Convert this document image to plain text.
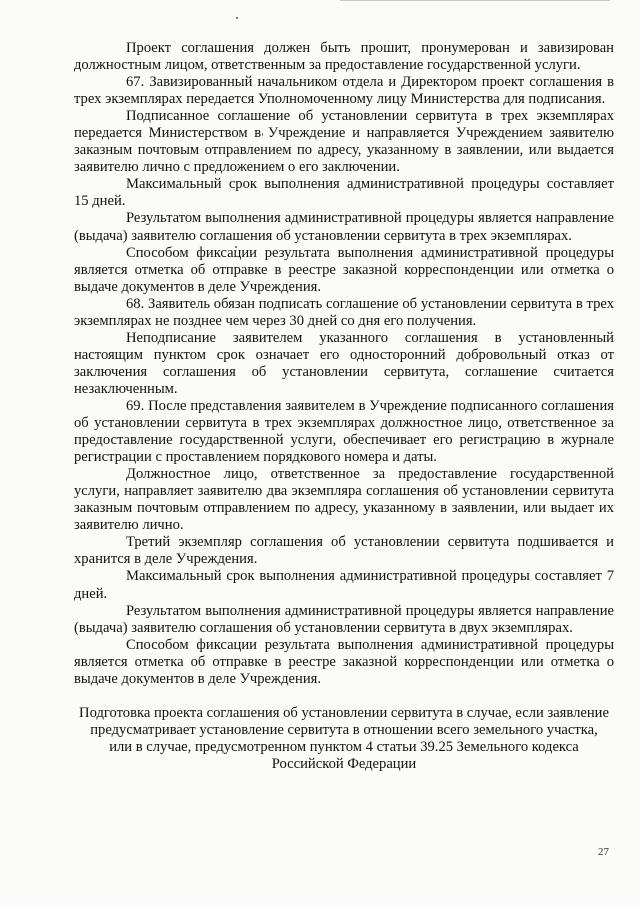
Проект соглашения должен быть прошит, пронумерован и завизирован должностным лицом, ответственным за предоставление государственной услуги.

67. Завизированный начальником отдела и Директором проект соглашения в трех экземплярах передается Уполномоченному лицу Министерства для подписания.

Подписанное соглашение об установлении сервитута в трех экземплярах передается Министерством в Учреждение и направляется Учреждением заявителю заказным почтовым отправлением по адресу, указанному в заявлении, или выдается заявителю лично с предложением о его заключении.

Максимальный срок выполнения административной процедуры составляет 15 дней.

Результатом выполнения административной процедуры является направление (выдача) заявителю соглашения об установлении сервитута в трех экземплярах.

Способом фиксации результата выполнения административной процедуры является отметка об отправке в реестре заказной корреспонденции или отметка о выдаче документов в деле Учреждения.

68. Заявитель обязан подписать соглашение об установлении сервитута в трех экземплярах не позднее чем через 30 дней со дня его получения.

Неподписание заявителем указанного соглашения в установленный настоящим пунктом срок означает его односторонний добровольный отказ от заключения соглашения об установлении сервитута, соглашение считается незаключенным.

69. После представления заявителем в Учреждение подписанного соглашения об установлении сервитута в трех экземплярах должностное лицо, ответственное за предоставление государственной услуги, обеспечивает его регистрацию в журнале регистрации с проставлением порядкового номера и даты.

Должностное лицо, ответственное за предоставление государственной услуги, направляет заявителю два экземпляра соглашения об установлении сервитута заказным почтовым отправлением по адресу, указанному в заявлении, или выдает их заявителю лично.

Третий экземпляр соглашения об установлении сервитута подшивается и хранится в деле Учреждения.

Максимальный срок выполнения административной процедуры составляет 7 дней.

Результатом выполнения административной процедуры является направление (выдача) заявителю соглашения об установлении сервитута в двух экземплярах.

Способом фиксации результата выполнения административной процедуры является отметка об отправке в реестре заказной корреспонденции или отметка о выдаче документов в деле Учреждения.

Подготовка проекта соглашения об установлении сервитута в случае, если заявление
предусматривает установление сервитута в отношении всего земельного участка,
или в случае, предусмотренном пунктом 4 статьи 39.25 Земельного кодекса
Российской Федерации
27
